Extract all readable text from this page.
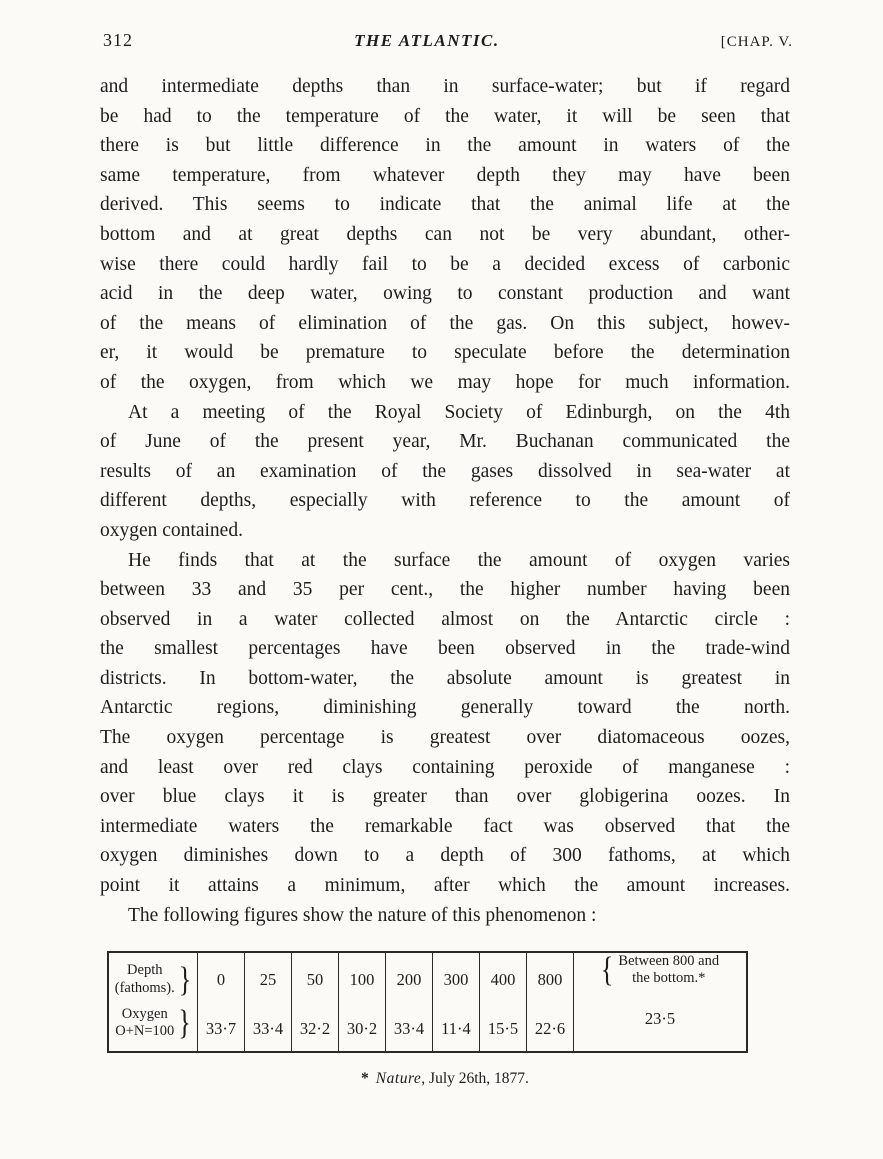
312	THE ATLANTIC.	[CHAP. V.
and intermediate depths than in surface-water; but if regard
be had to the temperature of the water, it will be seen that
there is but little difference in the amount in waters of the
same temperature, from whatever depth they may have been
derived. This seems to indicate that the animal life at the
bottom and at great depths can not be very abundant, other-
wise there could hardly fail to be a decided excess of carbonic
acid in the deep water, owing to constant production and want
of the means of elimination of the gas. On this subject, howev-
er, it would be premature to speculate before the determination
of the oxygen, from which we may hope for much information.
At a meeting of the Royal Society of Edinburgh, on the 4th
of June of the present year, Mr. Buchanan communicated the
results of an examination of the gases dissolved in sea-water at
different depths, especially with reference to the amount of
oxygen contained.
He finds that at the surface the amount of oxygen varies
between 33 and 35 per cent., the higher number having been
observed in a water collected almost on the Antarctic circle :
the smallest percentages have been observed in the trade-wind
districts. In bottom-water, the absolute amount is greatest in
Antarctic regions, diminishing generally toward the north.
The oxygen percentage is greatest over diatomaceous oozes,
and least over red clays containing peroxide of manganese :
over blue clays it is greater than over globigerina oozes. In
intermediate waters the remarkable fact was observed that the
oxygen diminishes down to a depth of 300 fathoms, at which
point it attains a minimum, after which the amount increases.
The following figures show the nature of this phenomenon :
Depth
(fathoms). }
Oxygen
O+N=100 }
0
33·7
25
33·4
50
32·2
100
30·2
200
33·4
300
11·4
400
15·5
800
22·6
{ Between 800 and
the bottom.*
23·5
* Nature, July 26th, 1877.
